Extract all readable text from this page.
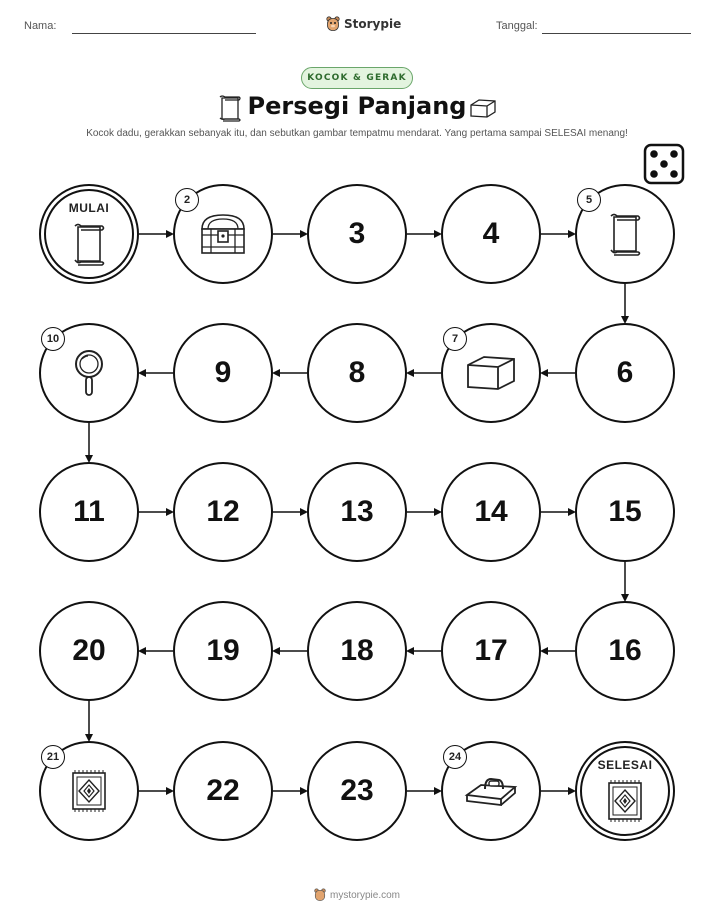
Nama:	Storypie	Tanggal:
KOCOK & GERAK
Persegi Panjang
Kocok dadu, gerakkan sebanyak itu, dan sebutkan gambar tempatmu mendarat. Yang pertama sampai SELESAI menang!
MULAI
2
3	4
5
6
7
8
9
10
11	12	13	14	15
16
17
18
19
20
21
22	23
24
SELESAI
mystorypie.com
